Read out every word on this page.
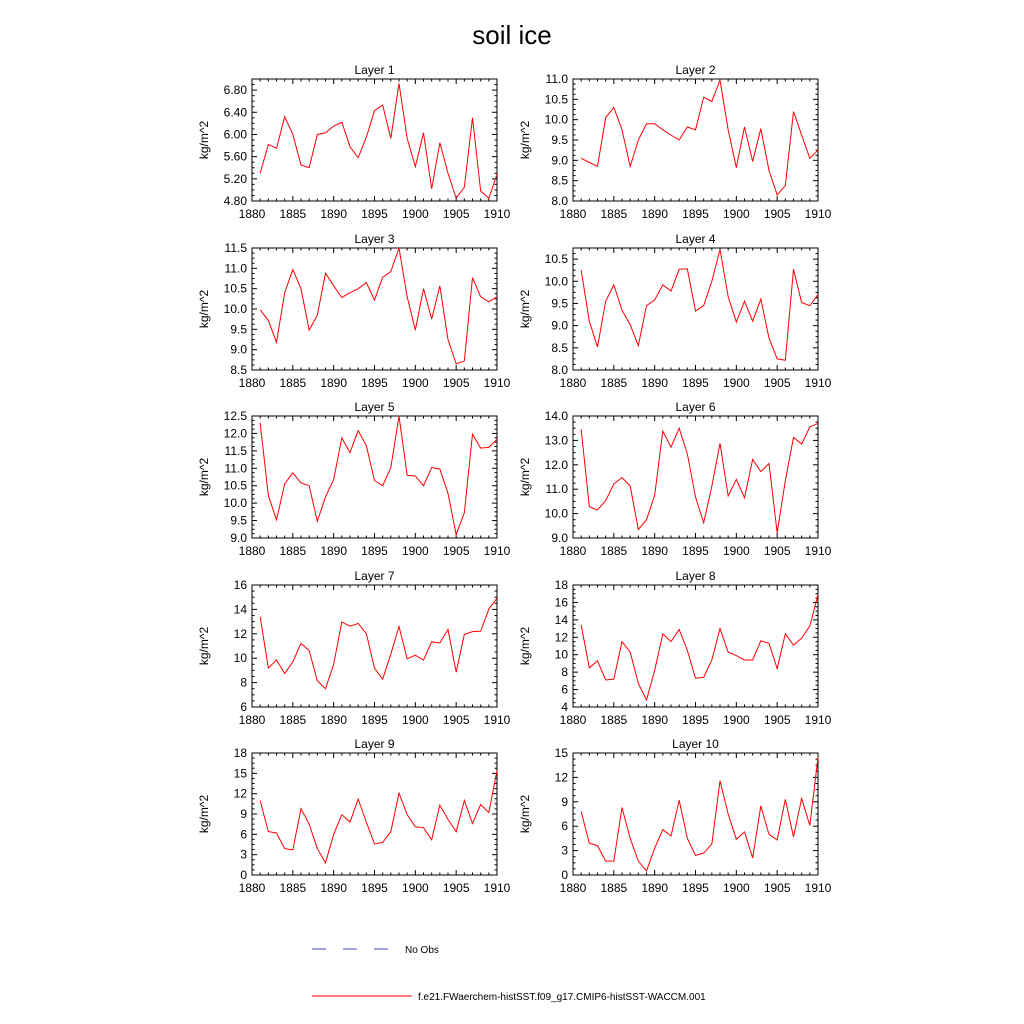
soil ice
Layer 1
1880 1885 1890 1895 1900 1905 1910
4.80
5.20
5.60
6.00
6.40
6.80
kg/m^2
Layer 2
1880 1885 1890 1895 1900 1905 1910
8.0
8.5
9.0
9.5
10.0
10.5
11.0
kg/m^2
Layer 3
1880 1885 1890 1895 1900 1905 1910
8.5
9.0
9.5
10.0
10.5
11.0
11.5
kg/m^2
Layer 4
1880 1885 1890 1895 1900 1905 1910
8.0
8.5
9.0
9.5
10.0
10.5
kg/m^2
Layer 5
1880 1885 1890 1895 1900 1905 1910
9.0
9.5
10.0
10.5
11.0
11.5
12.0
12.5
kg/m^2
Layer 6
1880 1885 1890 1895 1900 1905 1910
9.0
10.0
11.0
12.0
13.0
14.0
kg/m^2
Layer 7
1880 1885 1890 1895 1900 1905 1910
6
8
10
12
14
16
kg/m^2
Layer 8
1880 1885 1890 1895 1900 1905 1910
4
6
8
10
12
14
16
18
kg/m^2
Layer 9
1880 1885 1890 1895 1900 1905 1910
0
3
6
9
12
15
18
kg/m^2
Layer 10
1880 1885 1890 1895 1900 1905 1910
0
3
6
9
12
15
kg/m^2
No Obs
f.e21.FWaerchem-histSST.f09_g17.CMIP6-histSST-WACCM.001
